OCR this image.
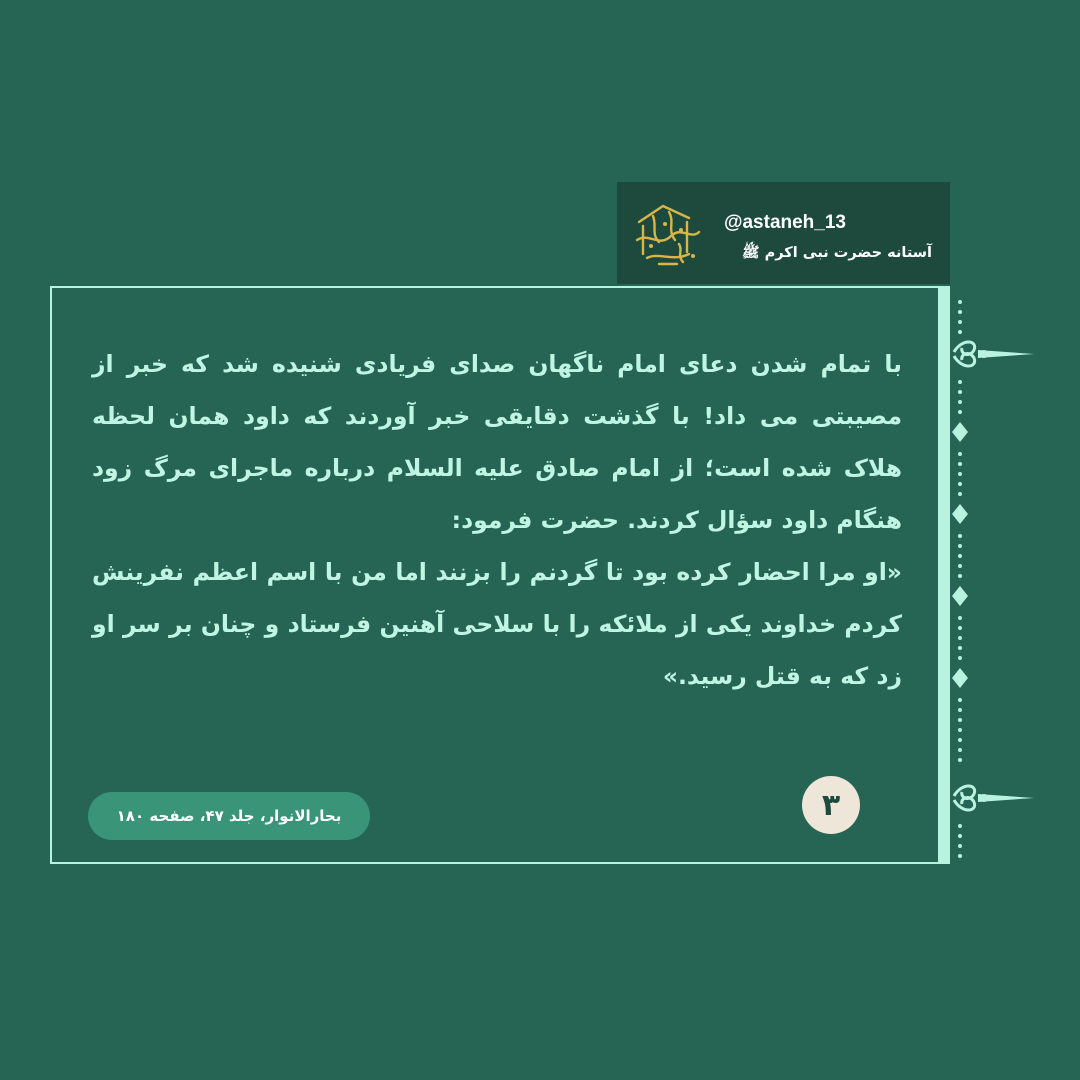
@astaneh_13
آستانه حضرت نبی اکرم ﷺ

با تمام شدن دعای امام ناگهان صدای فریادی شنیده شد که خبر از مصیبتی می داد! با گذشت دقایقی خبر آوردند که داود همان لحظه هلاک شده است؛ از امام صادق علیه السلام درباره ماجرای مرگ زود هنگام داود سؤال کردند. حضرت فرمود:

«او مرا احضار کرده بود تا گردنم را بزنند اما من با اسم اعظم نفرینش کردم خداوند یکی از ملائکه را با سلاحی آهنین فرستاد و چنان بر سر او زد که به قتل رسید.»

۳
بحارالانوار، جلد ۴۷، صفحه ۱۸۰
